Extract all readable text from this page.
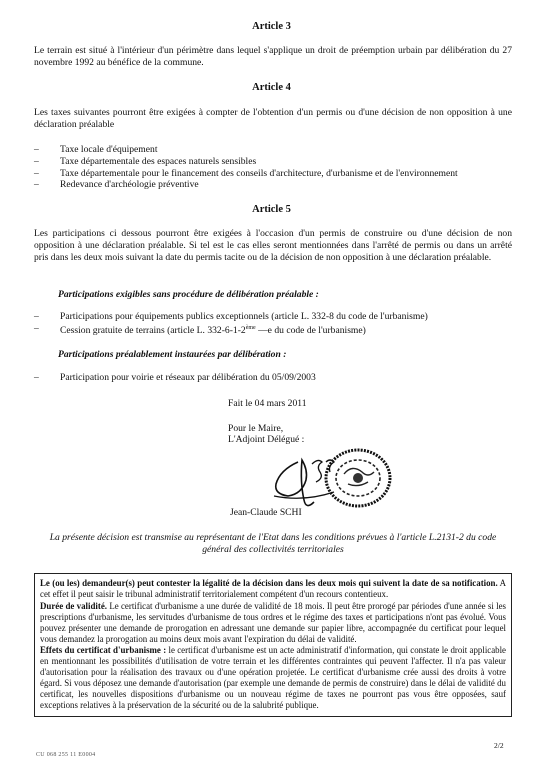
Article 3
Le terrain est situé à l'intérieur d'un périmètre dans lequel s'applique un droit de préemption urbain par délibération du 27 novembre 1992 au bénéfice de la commune.
Article 4
Les taxes suivantes pourront être exigées à compter de l'obtention d'un permis ou d'une décision de non opposition à une déclaration préalable
– Taxe locale d'équipement
– Taxe départementale des espaces naturels sensibles
– Taxe départementale pour le financement des conseils d'architecture, d'urbanisme et de l'environnement
– Redevance d'archéologie préventive
Article 5
Les participations ci dessous pourront être exigées à l'occasion d'un permis de construire ou d'une décision de non opposition à une déclaration préalable. Si tel est le cas elles seront mentionnées dans l'arrêté de permis ou dans un arrêté pris dans les deux mois suivant la date du permis tacite ou de la décision de non opposition à une déclaration préalable.
Participations exigibles sans procédure de délibération préalable :
– Participations pour équipements publics exceptionnels (article L. 332-8 du code de l'urbanisme)
– Cession gratuite de terrains (article L. 332-6-1-2ème —e du code de l'urbanisme)
Participations préalablement instaurées par délibération :
– Participation pour voirie et réseaux par délibération du 05/09/2003
Fait le 04 mars 2011
Pour le Maire,
L'Adjoint Délégué :
Jean-Claude SCHI
La présente décision est transmise au représentant de l'Etat dans les conditions prévues à l'article L.2131-2 du code général des collectivités territoriales

Le (ou les) demandeur(s) peut contester la légalité de la décision dans les deux mois qui suivent la date de sa notification. A cet effet il peut saisir le tribunal administratif territorialement compétent d'un recours contentieux.

Durée de validité. Le certificat d'urbanisme a une durée de validité de 18 mois. Il peut être prorogé par périodes d'une année si les prescriptions d'urbanisme, les servitudes d'urbanisme de tous ordres et le régime des taxes et participations n'ont pas évolué. Vous pouvez présenter une demande de prorogation en adressant une demande sur papier libre, accompagnée du certificat pour lequel vous demandez la prorogation au moins deux mois avant l'expiration du délai de validité.

Effets du certificat d'urbanisme : le certificat d'urbanisme est un acte administratif d'information, qui constate le droit applicable en mentionnant les possibilités d'utilisation de votre terrain et les différentes contraintes qui peuvent l'affecter. Il n'a pas valeur d'autorisation pour la réalisation des travaux ou d'une opération projetée. Le certificat d'urbanisme crée aussi des droits à votre égard. Si vous déposez une demande d'autorisation (par exemple une demande de permis de construire) dans le délai de validité du certificat, les nouvelles dispositions d'urbanisme ou un nouveau régime de taxes ne pourront pas vous être opposées, sauf exceptions relatives à la préservation de la sécurité ou de la salubrité publique.

2/2
CU 068 255 11 E0004
